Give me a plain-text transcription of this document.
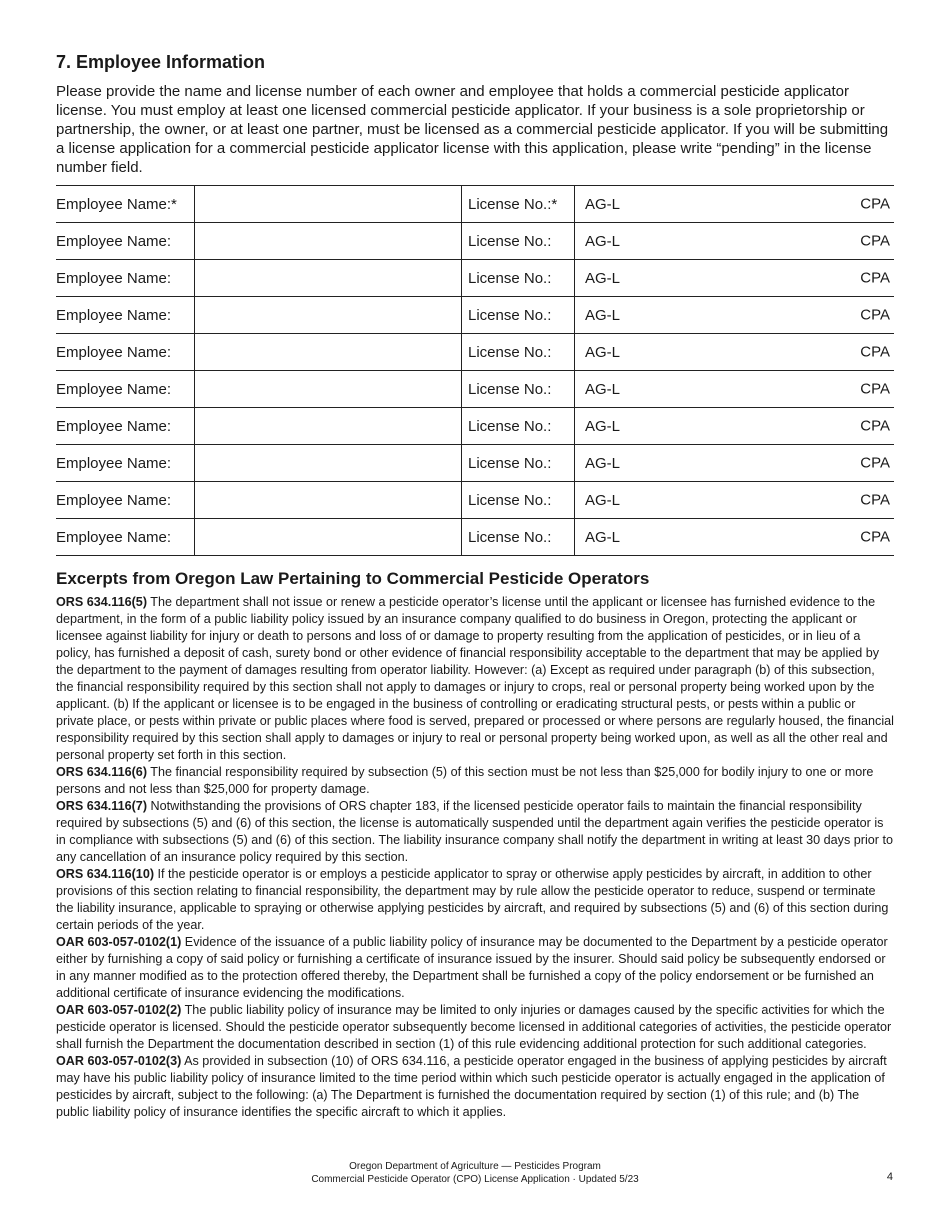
7. Employee Information

Please provide the name and license number of each owner and employee that holds a commercial pesticide applicator license. You must employ at least one licensed commercial pesticide applicator. If your business is a sole proprietorship or partnership, the owner, or at least one partner, must be licensed as a commercial pesticide applicator. If you will be submitting a license application for a commercial pesticide applicator license with this application, please write “pending” in the license number field.

Employee Name:*		License No.:*	AG-L CPA

Employee Name:		License No.:	AG-L CPA

Employee Name:		License No.:	AG-L CPA

Employee Name:		License No.:	AG-L CPA

Employee Name:		License No.:	AG-L CPA

Employee Name:		License No.:	AG-L CPA

Employee Name:		License No.:	AG-L CPA

Employee Name:		License No.:	AG-L CPA

Employee Name:		License No.:	AG-L CPA

Employee Name:		License No.:	AG-L CPA
Excerpts from Oregon Law Pertaining to Commercial Pesticide Operators

ORS 634.116(5) The department shall not issue or renew a pesticide operator’s license until the applicant or licensee has furnished evidence to the department, in the form of a public liability policy issued by an insurance company qualified to do business in Oregon, protecting the applicant or licensee against liability for injury or death to persons and loss of or damage to property resulting from the application of pesticides, or in lieu of a policy, has furnished a deposit of cash, surety bond or other evidence of financial responsibility acceptable to the department that may be applied by the department to the payment of damages resulting from operator liability. However: (a) Except as required under paragraph (b) of this subsection, the financial responsibility required by this section shall not apply to damages or injury to crops, real or personal property being worked upon by the applicant. (b) If the applicant or licensee is to be engaged in the business of controlling or eradicating structural pests, or pests within a public or private place, or pests within private or public places where food is served, prepared or processed or where persons are regularly housed, the financial responsibility required by this section shall apply to damages or injury to real or personal property being worked upon, as well as all the other real and personal property set forth in this section.

ORS 634.116(6) The financial responsibility required by subsection (5) of this section must be not less than $25,000 for bodily injury to one or more persons and not less than $25,000 for property damage.

ORS 634.116(7) Notwithstanding the provisions of ORS chapter 183, if the licensed pesticide operator fails to maintain the financial responsibility required by subsections (5) and (6) of this section, the license is automatically suspended until the department again verifies the pesticide operator is in compliance with subsections (5) and (6) of this section. The liability insurance company shall notify the department in writing at least 30 days prior to any cancellation of an insurance policy required by this section.

ORS 634.116(10) If the pesticide operator is or employs a pesticide applicator to spray or otherwise apply pesticides by aircraft, in addition to other provisions of this section relating to financial responsibility, the department may by rule allow the pesticide operator to reduce, suspend or terminate the liability insurance, applicable to spraying or otherwise applying pesticides by aircraft, and required by subsections (5) and (6) of this section during certain periods of the year.

OAR 603-057-0102(1) Evidence of the issuance of a public liability policy of insurance may be documented to the Department by a pesticide operator either by furnishing a copy of said policy or furnishing a certificate of insurance issued by the insurer. Should said policy be subsequently endorsed or in any manner modified as to the protection offered thereby, the Department shall be furnished a copy of the policy endorsement or be furnished an additional certificate of insurance evidencing the modifications.

OAR 603-057-0102(2) The public liability policy of insurance may be limited to only injuries or damages caused by the specific activities for which the pesticide operator is licensed. Should the pesticide operator subsequently become licensed in additional categories of activities, the pesticide operator shall furnish the Department the documentation described in section (1) of this rule evidencing additional protection for such additional categories.

OAR 603-057-0102(3) As provided in subsection (10) of ORS 634.116, a pesticide operator engaged in the business of applying pesticides by aircraft may have his public liability policy of insurance limited to the time period within which such pesticide operator is actually engaged in the application of pesticides by aircraft, subject to the following: (a) The Department is furnished the documentation required by section (1) of this rule; and (b) The public liability policy of insurance identifies the specific aircraft to which it applies.

Oregon Department of Agriculture — Pesticides Program
Commercial Pesticide Operator (CPO) License Application · Updated 5/23	4
